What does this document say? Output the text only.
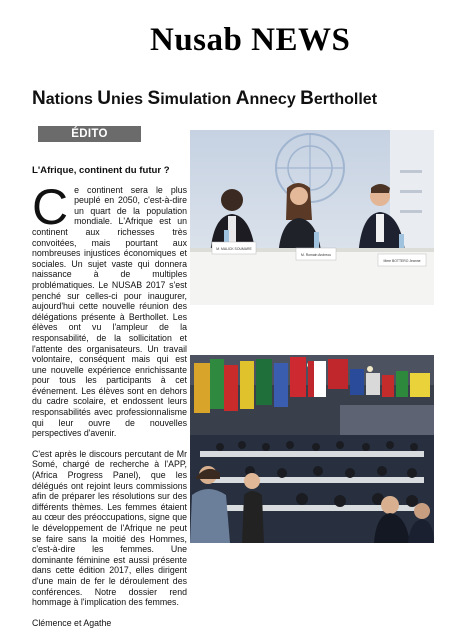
Nusab NEWS
Nations Unies Simulation Annecy Berthollet
ÉDITO
L'Afrique, continent du futur ?

Ce continent sera le plus peuplé en 2050, c'est-à-dire un quart de la population mondiale. L'Afrique est un continent aux richesses très convoitées, mais pourtant aux nombreuses injustices économiques et sociales. Un sujet vaste qui donnera naissance à de multiples problématiques. Le NUSAB 2017 s'est penché sur celles-ci pour inaugurer, aujourd'hui cette nouvelle réunion des délégations présente à Berthollet. Les élèves ont vu l'ampleur de la responsabilité, de la sollicitation et l'attente des organisateurs. Un travail volontaire, conséquent mais qui est une nouvelle expérience enrichissante pour tous les participants à cet événement. Les élèves sont en dehors du cadre scolaire, et endossent leurs responsabilités avec professionnalisme qui leur ouvre de nouvelles perspectives d'avenir.

C'est après le discours percutant de Mr Somé, chargé de recherche à l'APP, (Africa Progress Panel), que les délégués ont rejoint leurs commissions afin de préparer les résolutions sur des différents thèmes. Les femmes étaient au cœur des préoccupations, signe que le développement de l'Afrique ne peut se faire sans la moitié des Hommes, c'est-à-dire les femmes. Une dominante féminine est aussi présente dans cette édition 2017, elles dirigent d'une main de fer le déroulement des conférences. Notre dossier rend hommage à l'implication des femmes.

Clémence et Agathe
M. MALICK SOUMARE
M. Romain Andreou
Mme BOTTERO Jeanne
